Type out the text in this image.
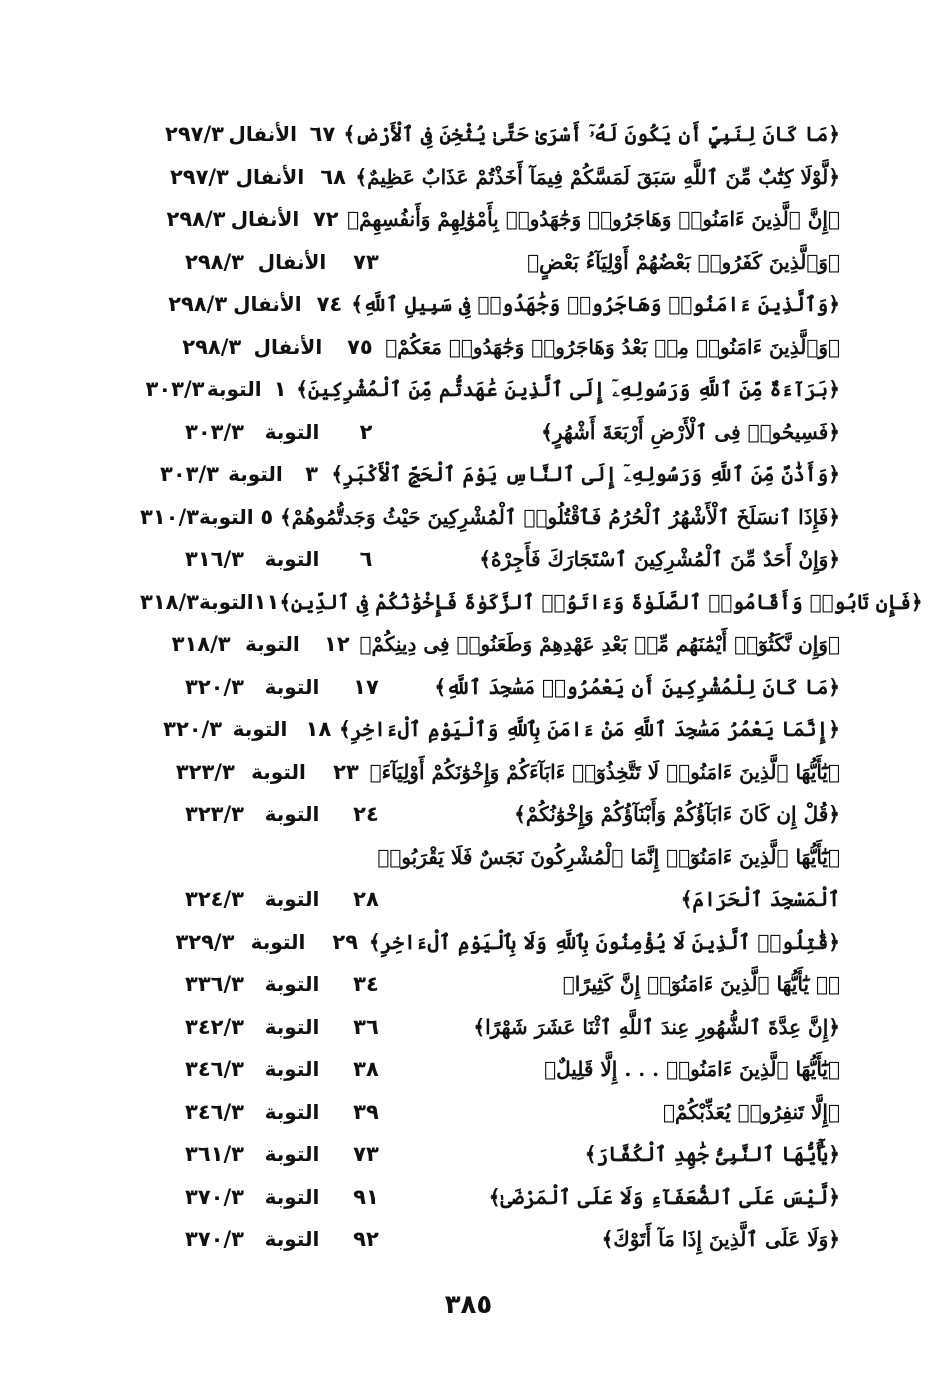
٢٩٧/٣ الأنفال ٦٧ ﴿مَا كَانَ لِنَبِيٍّ أَن يَكُونَ لَهُۥٓ أَسْرَىٰ حَتَّىٰ يُثْخِنَ فِى ٱلْأَرْضِ﴾
٢٩٧/٣ الأنفال ٦٨ ﴿لَّوْلَا كِتَٰبٌ مِّنَ ٱللَّهِ سَبَقَ لَمَسَّكُمْ فِيمَآ أَخَذْتُمْ عَذَابٌ عَظِيمٌ﴾
٢٩٨/٣ الأنفال ٧٢ ﴿إِنَّ ٱلَّذِينَ ءَامَنُوا۟ وَهَاجَرُوا۟ وَجَٰهَدُوا۟ بِأَمْوَٰلِهِمْ وَأَنفُسِهِمْ﴾
٢٩٨/٣ الأنفال	٧٣	﴿وَٱلَّذِينَ كَفَرُوا۟ بَعْضُهُمْ أَوْلِيَآءُ بَعْضٍ﴾
٢٩٨/٣ الأنفال ٧٤ ﴿وَٱلَّذِينَ ءَامَنُوا۟ وَهَاجَرُوا۟ وَجَٰهَدُوا۟ فِى سَبِيلِ ٱللَّهِ﴾
٢٩٨/٣ الأنفال	٧٥ ﴿وَٱلَّذِينَ ءَامَنُوا۟ مِنۢ بَعْدُ وَهَاجَرُوا۟ وَجَٰهَدُوا۟ مَعَكُمْ﴾
٣٠٣/٣ التوبة ١ ﴿بَرَآءَةٌ مِّنَ ٱللَّهِ وَرَسُولِهِۦٓ إِلَى ٱلَّذِينَ عَٰهَدتُّم مِّنَ ٱلْمُشْرِكِينَ﴾
٣٠٣/٣	التوبة	٢	﴿فَسِيحُوا۟ فِى ٱلْأَرْضِ أَرْبَعَةَ أَشْهُرٍ﴾
٣٠٣/٣ التوبة	٣ ﴿وَأَذَٰنٌ مِّنَ ٱللَّهِ وَرَسُولِهِۦٓ إِلَى ٱلنَّاسِ يَوْمَ ٱلْحَجِّ ٱلْأَكْبَرِ﴾
٣١٠/٣ التوبة ٥ ﴿فَإِذَا ٱنسَلَخَ ٱلْأَشْهُرُ ٱلْحُرُمُ فَٱقْتُلُوا۟ ٱلْمُشْرِكِينَ حَيْثُ وَجَدتُّمُوهُمْ﴾
٣١٦/٣	التوبة	٦	﴿وَإِنْ أَحَدٌ مِّنَ ٱلْمُشْرِكِينَ ٱسْتَجَارَكَ فَأَجِرْهُ﴾
٣١٨/٣ التوبة ١١ ﴿فَإِن تَابُوا۟ وَأَقَامُوا۟ ٱلصَّلَوٰةَ وَءَاتَوُا۟ ٱلزَّكَوٰةَ فَإِخْوَٰنُكُمْ فِى ٱلدِّينِ﴾
٣١٨/٣ التوبة	١٢ ﴿وَإِن نَّكَثُوٓا۟ أَيْمَٰنَهُم مِّنۢ بَعْدِ عَهْدِهِمْ وَطَعَنُوا۟ فِى دِينِكُمْ﴾
٣٢٠/٣	التوبة	١٧	﴿مَا كَانَ لِلْمُشْرِكِينَ أَن يَعْمُرُوا۟ مَسَٰجِدَ ٱللَّهِ﴾
٣٢٠/٣ التوبة ١٨ ﴿إِنَّمَا يَعْمُرُ مَسَٰجِدَ ٱللَّهِ مَنْ ءَامَنَ بِٱللَّهِ وَٱلْيَوْمِ ٱلْءَاخِرِ﴾
٣٢٣/٣ التوبة	٢٣ ﴿يَٰٓأَيُّهَا ٱلَّذِينَ ءَامَنُوا۟ لَا تَتَّخِذُوٓا۟ ءَابَآءَكُمْ وَإِخْوَٰنَكُمْ أَوْلِيَآءَ﴾
٣٢٣/٣	التوبة	٢٤	﴿قُلْ إِن كَانَ ءَابَآؤُكُمْ وَأَبْنَآؤُكُمْ وَإِخْوَٰنُكُمْ﴾
﴿يَٰٓأَيُّهَا ٱلَّذِينَ ءَامَنُوٓا۟ إِنَّمَا ٱلْمُشْرِكُونَ نَجَسٌ فَلَا يَقْرَبُوا۟
٣٢٤/٣	التوبة	٢٨	ٱلْمَسْجِدَ ٱلْحَرَامَ﴾
٣٢٩/٣ التوبة	٢٩ ﴿قَٰتِلُوا۟ ٱلَّذِينَ لَا يُؤْمِنُونَ بِٱللَّهِ وَلَا بِٱلْيَوْمِ ٱلْءَاخِرِ﴾
٣٣٦/٣	التوبة	٣٤	﴿۞ يَٰٓأَيُّهَا ٱلَّذِينَ ءَامَنُوٓا۟ إِنَّ كَثِيرًا﴾
٣٤٢/٣	التوبة	٣٦	﴿إِنَّ عِدَّةَ ٱلشُّهُورِ عِندَ ٱللَّهِ ٱثْنَا عَشَرَ شَهْرًا﴾
٣٤٦/٣	التوبة	٣٨	﴿يَٰٓأَيُّهَا ٱلَّذِينَ ءَامَنُوا۟ . . . إِلَّا قَلِيلٌ﴾
٣٤٦/٣	التوبة	٣٩	﴿إِلَّا تَنفِرُوا۟ يُعَذِّبْكُمْ﴾
٣٦١/٣	التوبة	٧٣	﴿يَٰٓأَيُّهَا ٱلنَّبِىُّ جَٰهِدِ ٱلْكُفَّارَ﴾
٣٧٠/٣	التوبة	٩١	﴿لَّيْسَ عَلَى ٱلضُّعَفَآءِ وَلَا عَلَى ٱلْمَرْضَىٰ﴾
٣٧٠/٣	التوبة	٩٢	﴿وَلَا عَلَى ٱلَّذِينَ إِذَا مَآ أَتَوْكَ﴾
٣٨٥
